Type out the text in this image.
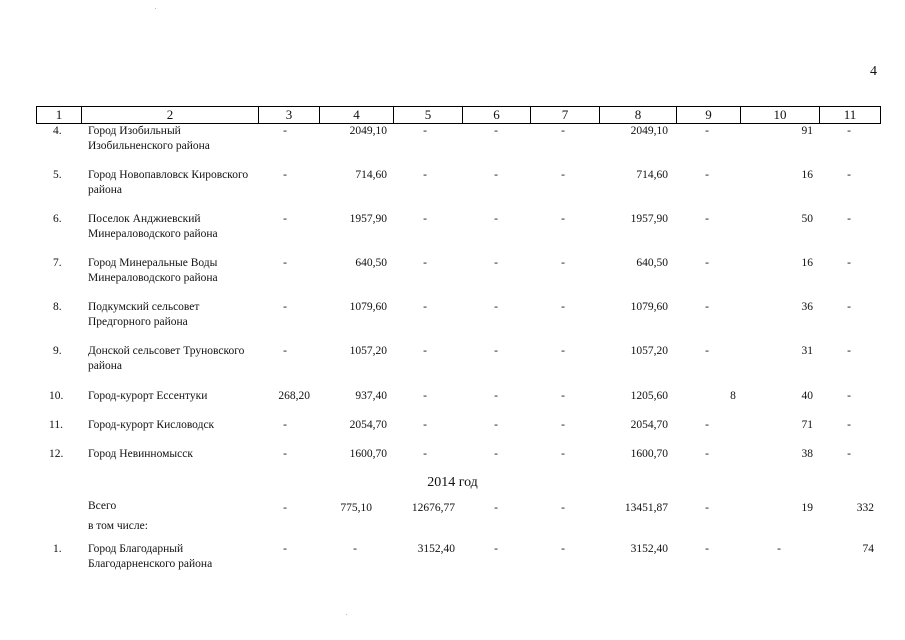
4
1	2	3	4	5	6	7	8	9	10	11
4. Город Изобильный Изобильненского района
-	2049,10	-	-	-	2049,10	-	91	-
5. Город Новопавловск Кировского района
-	714,60	-	-	-	714,60	-	16	-
6. Поселок Анджиевский Минераловодского района
-	1957,90	-	-	-	1957,90	-	50	-
7. Город Минеральные Воды Минераловодского района
-	640,50	-	-	-	640,50	-	16	-
8. Подкумский сельсовет Предгорного района
-	1079,60	-	-	-	1079,60	-	36	-
9. Донской сельсовет Труновского района
-	1057,20	-	-	-	1057,20	-	31	-
10. Город-курорт Ессентуки	268,20	937,40	-	-	-	1205,60	8	40	-
11. Город-курорт Кисловодск	-	2054,70	-	-	-	2054,70	-	71	-
12. Город Невинномысск	-	1600,70	-	-	-	1600,70	-	38	-
2014 год
Всего	-	775,10	12676,77	-	-	13451,87	-	19	332
в том числе:
1. Город Благодарный Благодарненского района
-	-	3152,40	-	-	3152,40	-	-	74
